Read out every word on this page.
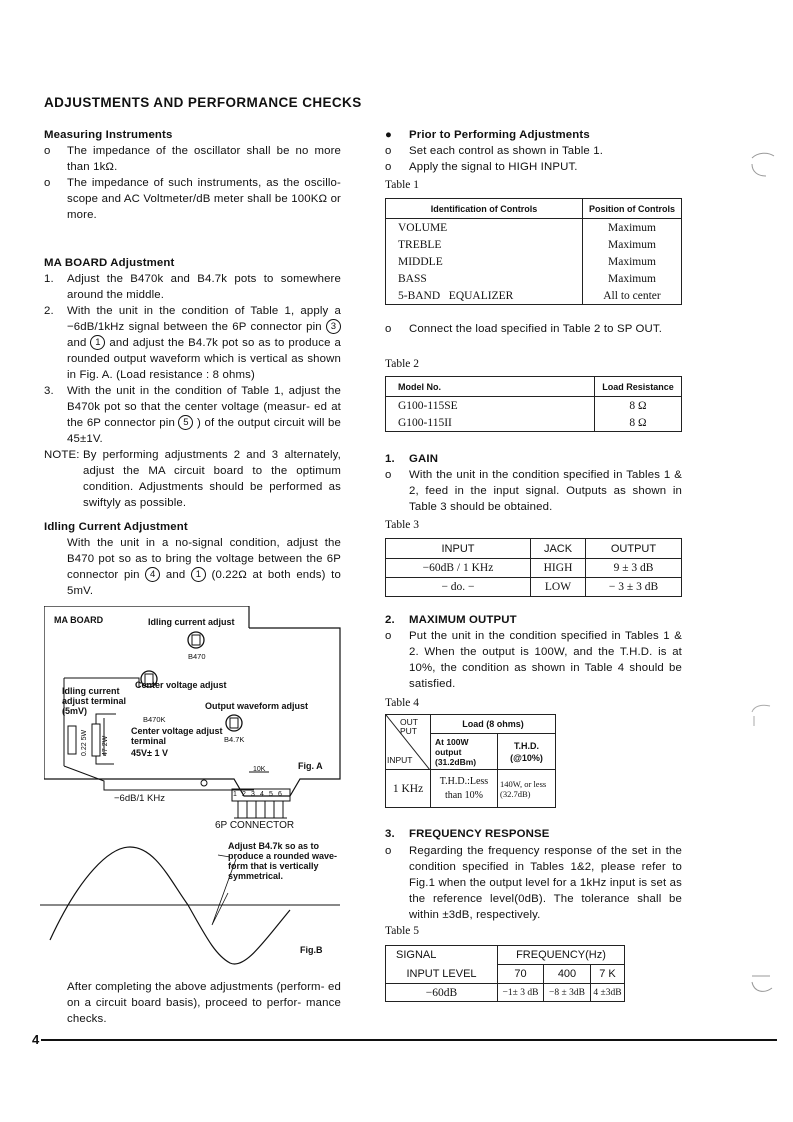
ADJUSTMENTS AND PERFORMANCE CHECKS
Measuring Instruments
o	The impedance of the oscillator shall be no more than 1kΩ.
o	The impedance of such instruments, as the oscillo- scope and AC Voltmeter/dB meter shall be 100KΩ or more.
MA BOARD Adjustment
1. Adjust the B470k and B4.7k pots to somewhere around the middle.
2. With the unit in the condition of Table 1, apply a −6dB/1kHz signal between the 6P connector pin 3 and 1 and adjust the B4.7k pot so as to produce a rounded output waveform which is vertical as shown in Fig. A. (Load resistance : 8 ohms)
3. With the unit in the condition of Table 1, adjust the B470k pot so that the center voltage (measur- ed at the 6P connector pin 5 ) of the output circuit will be 45±1V.
NOTE: By performing adjustments 2 and 3 alternately, adjust the MA circuit board to the optimum condition. Adjustments should be performed as swiftyly as possible.
Idling Current Adjustment
With the unit in a no-signal condition, adjust the B470 pot so as to bring the voltage between the 6P connector pin 4 and 1 (0.22Ω at both ends) to 5mV.
MA BOARD	Idling current adjust
B470
Idling current adjust terminal (5mV)
Center voltage adjust
Output waveform adjust
B470K
B4.7K
0.22 5W 47 2W
Center voltage adjust terminal
45V± 1 V
10K	Fig. A
−6dB/1 KHz	1 2 3 4 5 6
6P CONNECTOR
Adjust B4.7k so as to produce a rounded wave- form that is vertically symmetrical.
Fig.B
After completing the above adjustments (perform- ed on a circuit board basis), proceed to perfor- mance checks.
● Prior to Performing Adjustments
o Set each control as shown in Table 1.
o Apply the signal to HIGH INPUT.
Table 1
Identification of Controls	Position of Controls
VOLUME	Maximum
TREBLE	Maximum
MIDDLE	Maximum
BASS	Maximum
5-BAND   EQUALIZER	All to center
o Connect the load specified in Table 2 to SP OUT.
Table 2
Model No.	Load Resistance
G100-115SE	8 Ω
G100-115II	8 Ω
1. GAIN
o With the unit in the condition specified in Tables 1 & 2, feed in the input signal. Outputs as shown in Table 3 should be obtained.
Table 3
INPUT	JACK	OUTPUT
−60dB / 1 KHz	HIGH	9 ± 3 dB
− do. −	LOW	− 3 ± 3 dB
2. MAXIMUM OUTPUT
o Put the unit in the condition specified in Tables 1 & 2. When the output is 100W, and the T.H.D. is at 10%, the condition as shown in Table 4 should be satisfied.
Table 4
OUT PUT
INPUT	Load (8 ohms)	
	At 100W output (31.2dBm)	T.H.D. (@10%)
1 KHz	T.H.D.:Less than 10%	140W, or less (32.7dB)
3. FREQUENCY RESPONSE
o Regarding the frequency response of the set in the condition specified in Tables 1&2, please refer to Fig.1 when the output level for a 1kHz input is set as the reference level(0dB). The tolerance shall be within ±3dB, respectively.
Table 5
SIGNAL	FREQUENCY(Hz)		
INPUT LEVEL	70	400	7 K
−60dB	−1± 3 dB	−8 ± 3dB	4 ±3dB
4
